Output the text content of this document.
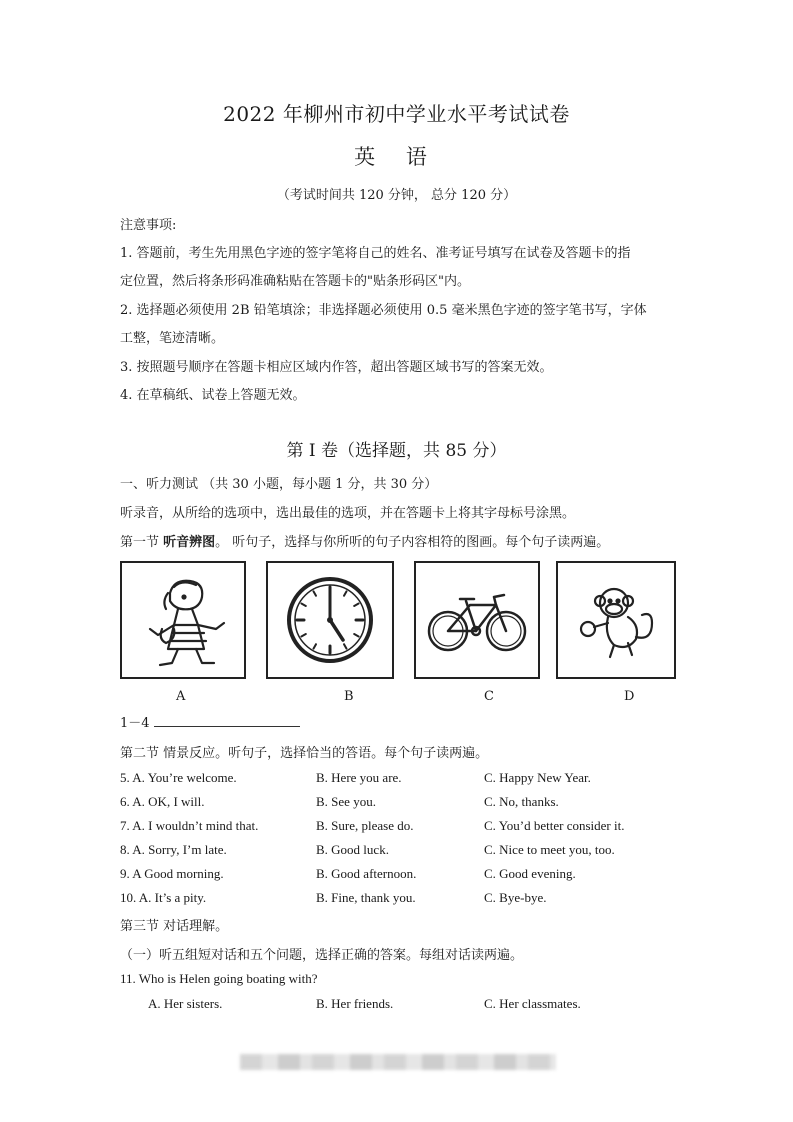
2022 年柳州市初中学业水平考试试卷
英 语
（考试时间共 120 分钟， 总分 120 分）
注意事项:
1. 答题前，考生先用黑色字迹的签字笔将自己的姓名、准考证号填写在试卷及答题卡的指
定位置，然后将条形码准确粘贴在答题卡的"贴条形码区"内。
2. 选择题必须使用 2B 铅笔填涂；非选择题必须使用 0.5 毫米黑色字迹的签字笔书写，字体
工整，笔迹清晰。
3. 按照题号顺序在答题卡相应区域内作答，超出答题区域书写的答案无效。
4. 在草稿纸、试卷上答题无效。
第 I 卷（选择题，共 85 分）
一、听力测试 （共 30 小题，每小题 1 分，共 30 分）
听录音，从所给的选项中，选出最佳的选项，并在答题卡上将其字母标号涂黑。
第一节 听音辨图。 听句子，选择与你所听的句子内容相符的图画。每个句子读两遍。
A	B	C	D
1－4
第二节 情景反应。听句子，选择恰当的答语。每个句子读两遍。
5. A. You’re welcome.	B. Here you are.	C. Happy New Year.
6. A. OK, I will.	B. See you.	C. No, thanks.
7. A. I wouldn’t mind that.	B. Sure, please do.	C. You’d better consider it.
8. A. Sorry, I’m late.	B. Good luck.	C. Nice to meet you, too.
9. A Good morning.	B. Good afternoon.	C. Good evening.
10. A. It’s a pity.	B. Fine, thank you.	C. Bye-bye.
第三节 对话理解。
（一）听五组短对话和五个问题，选择正确的答案。每组对话读两遍。
11. Who is Helen going boating with?
A. Her sisters.	B. Her friends.	C. Her classmates.
